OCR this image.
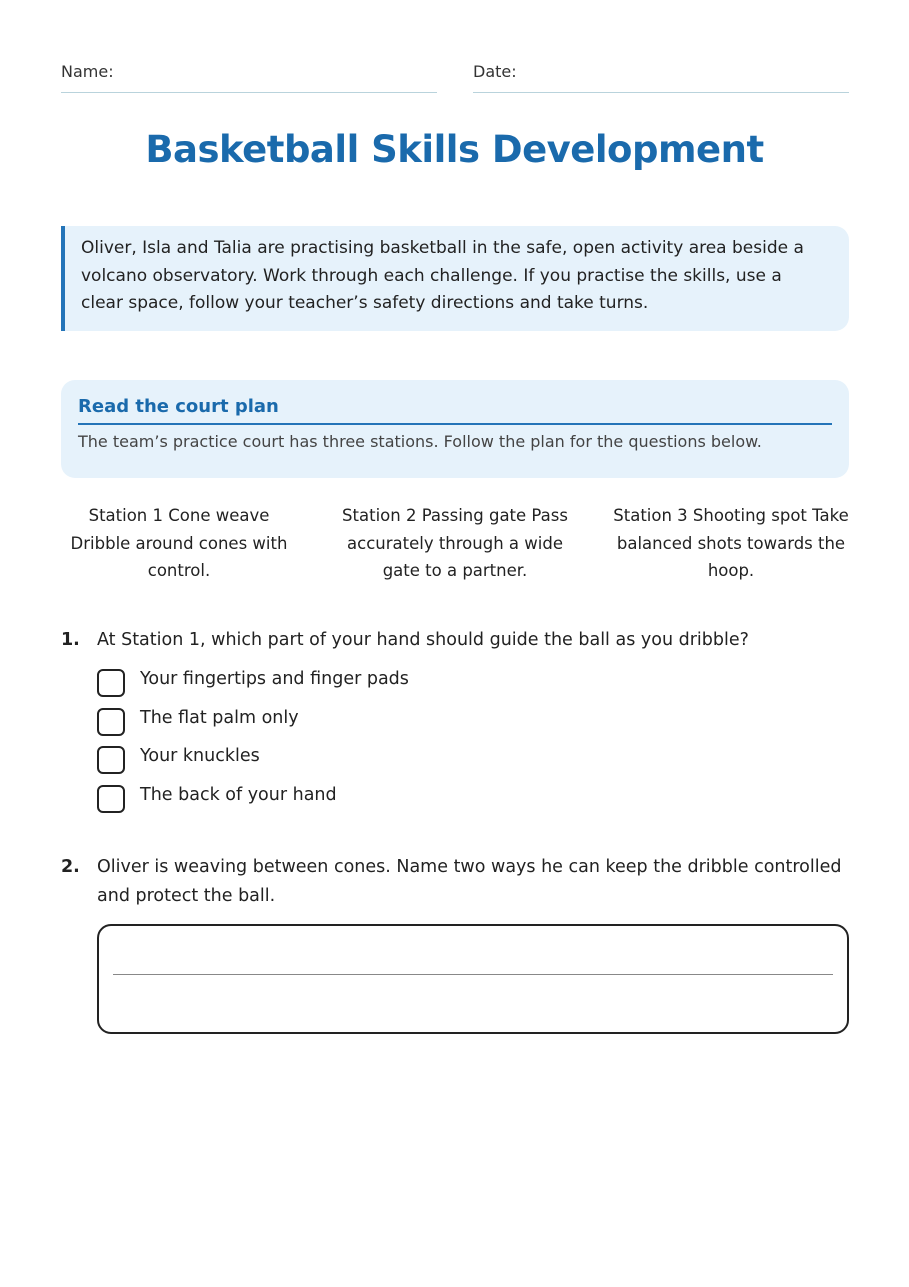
Name:	Date:
Basketball Skills Development
Oliver, Isla and Talia are practising basketball in the safe, open activity area beside a volcano observatory. Work through each challenge. If you practise the skills, use a clear space, follow your teacher’s safety directions and take turns.
Read the court plan
The team’s practice court has three stations. Follow the plan for the questions below.
Station 1 Cone weave Dribble around cones with control.
Station 2 Passing gate Pass accurately through a wide gate to a partner.
Station 3 Shooting spot Take balanced shots towards the hoop.
1. At Station 1, which part of your hand should guide the ball as you dribble?
Your fingertips and finger pads
The flat palm only
Your knuckles
The back of your hand
2. Oliver is weaving between cones. Name two ways he can keep the dribble controlled and protect the ball.
